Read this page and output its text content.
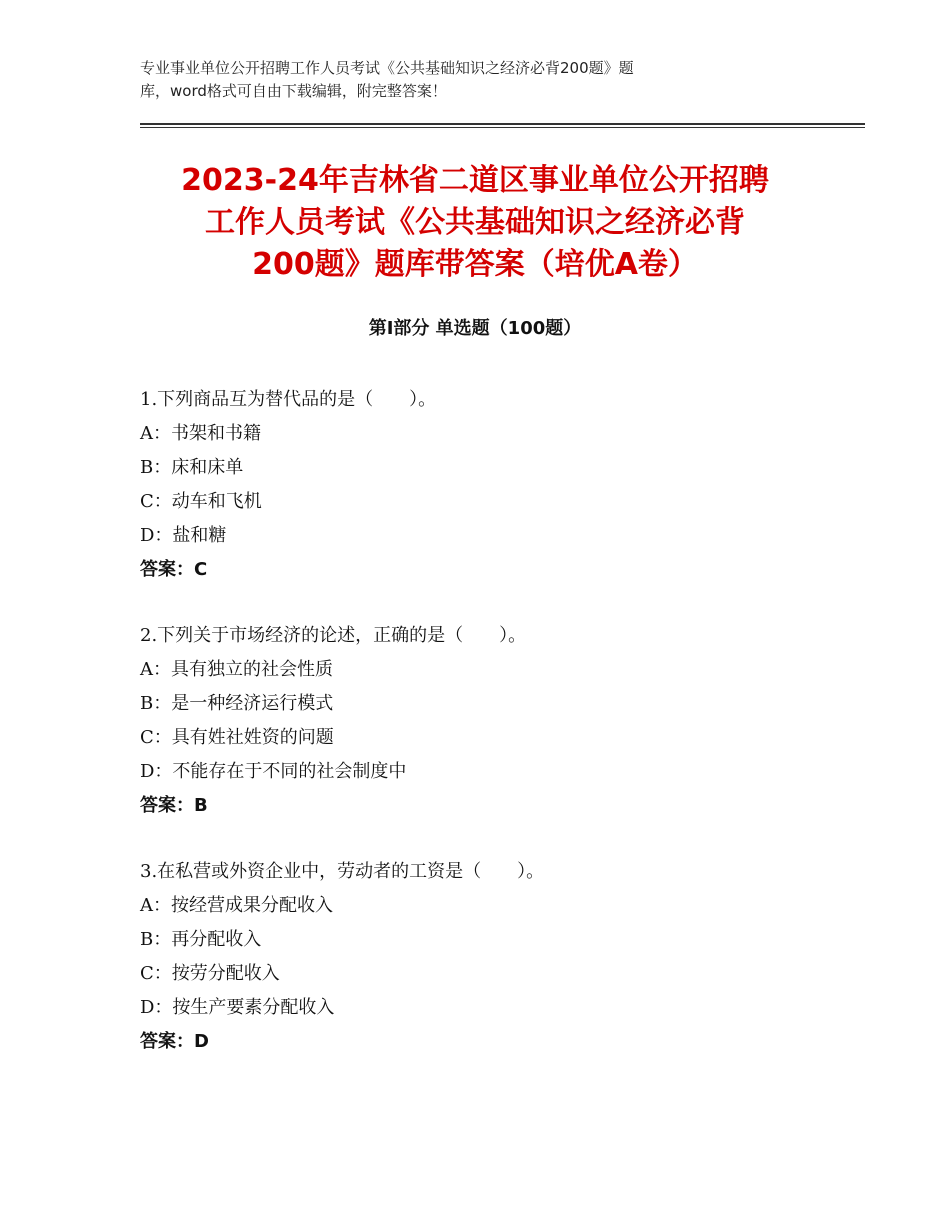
专业事业单位公开招聘工作人员考试《公共基础知识之经济必背200题》题
库，word格式可自由下载编辑，附完整答案！
2023-24年吉林省二道区事业单位公开招聘
工作人员考试《公共基础知识之经济必背
200题》题库带答案（培优A卷）
第Ⅰ部分 单选题（100题）
1.下列商品互为替代品的是（　　）。
A：书架和书籍
B：床和床单
C：动车和飞机
D：盐和糖
答案：C
2.下列关于市场经济的论述，正确的是（　　）。
A：具有独立的社会性质
B：是一种经济运行模式
C：具有姓社姓资的问题
D：不能存在于不同的社会制度中
答案：B
3.在私营或外资企业中，劳动者的工资是（　　）。
A：按经营成果分配收入
B：再分配收入
C：按劳分配收入
D：按生产要素分配收入
答案：D
